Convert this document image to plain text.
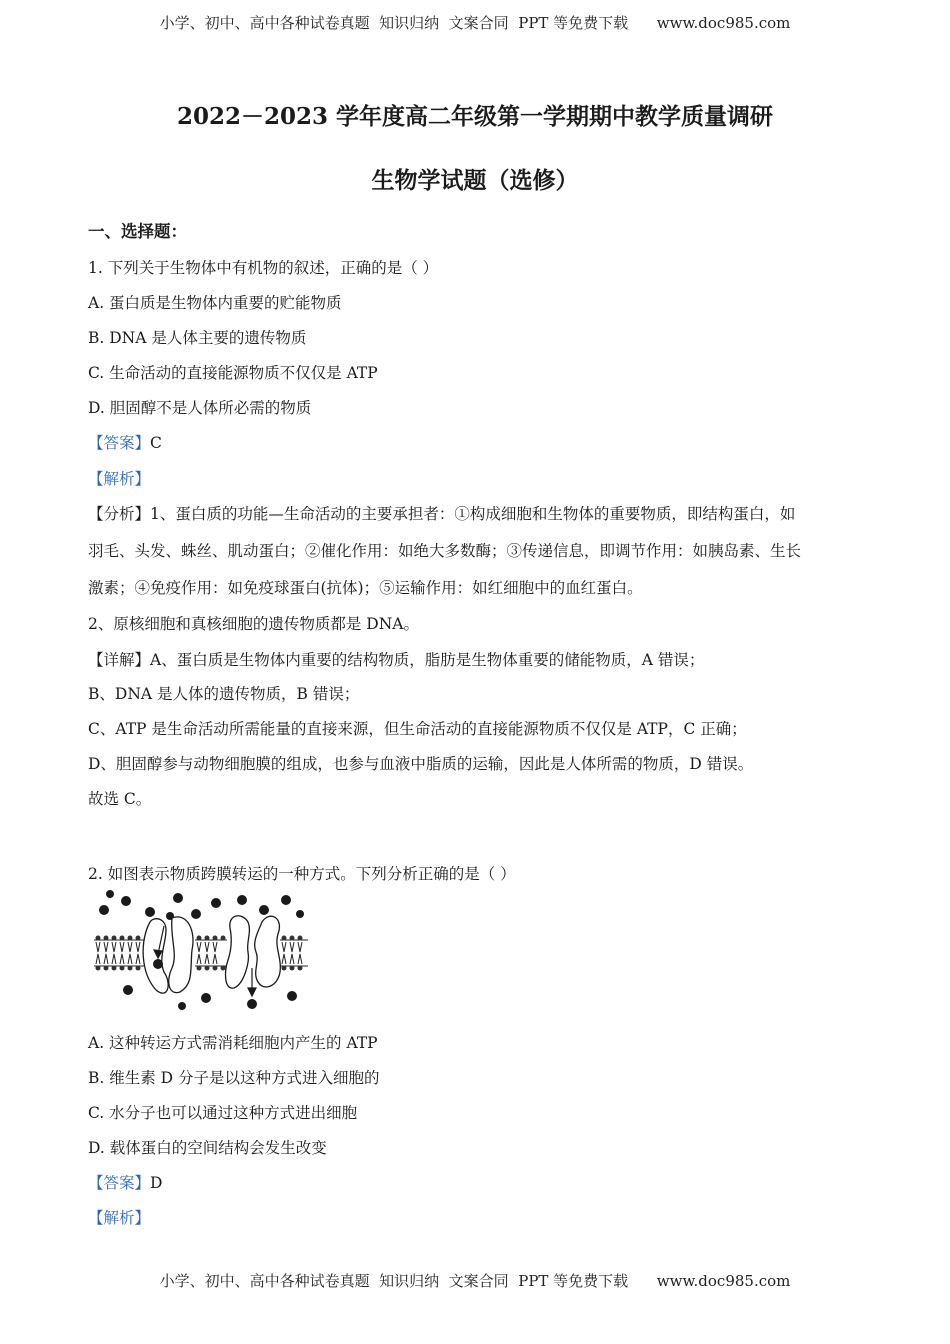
小学、初中、高中各种试卷真题  知识归纳  文案合同  PPT 等免费下载      www.doc985.com
2022－2023 学年度高二年级第一学期期中教学质量调研
生物学试题（选修）
一、选择题：
1. 下列关于生物体中有机物的叙述，正确的是（ ）
A. 蛋白质是生物体内重要的贮能物质
B. DNA 是人体主要的遗传物质
C. 生命活动的直接能源物质不仅仅是 ATP
D. 胆固醇不是人体所必需的物质
【答案】C
【解析】
【分析】1、蛋白质的功能—生命活动的主要承担者：①构成细胞和生物体的重要物质，即结构蛋白，如
羽毛、头发、蛛丝、肌动蛋白；②催化作用：如绝大多数酶；③传递信息，即调节作用：如胰岛素、生长
激素；④免疫作用：如免疫球蛋白(抗体)；⑤运输作用：如红细胞中的血红蛋白。
2、原核细胞和真核细胞的遗传物质都是 DNA。
【详解】A、蛋白质是生物体内重要的结构物质，脂肪是生物体重要的储能物质，A 错误；
B、DNA 是人体的遗传物质，B 错误；
C、ATP 是生命活动所需能量的直接来源，但生命活动的直接能源物质不仅仅是 ATP，C 正确；
D、胆固醇参与动物细胞膜的组成，也参与血液中脂质的运输，因此是人体所需的物质，D 错误。
故选 C。
2. 如图表示物质跨膜转运的一种方式。下列分析正确的是（ ）
A. 这种转运方式需消耗细胞内产生的 ATP
B. 维生素 D 分子是以这种方式进入细胞的
C. 水分子也可以通过这种方式进出细胞
D. 载体蛋白的空间结构会发生改变
【答案】D
【解析】
小学、初中、高中各种试卷真题  知识归纳  文案合同  PPT 等免费下载      www.doc985.com
